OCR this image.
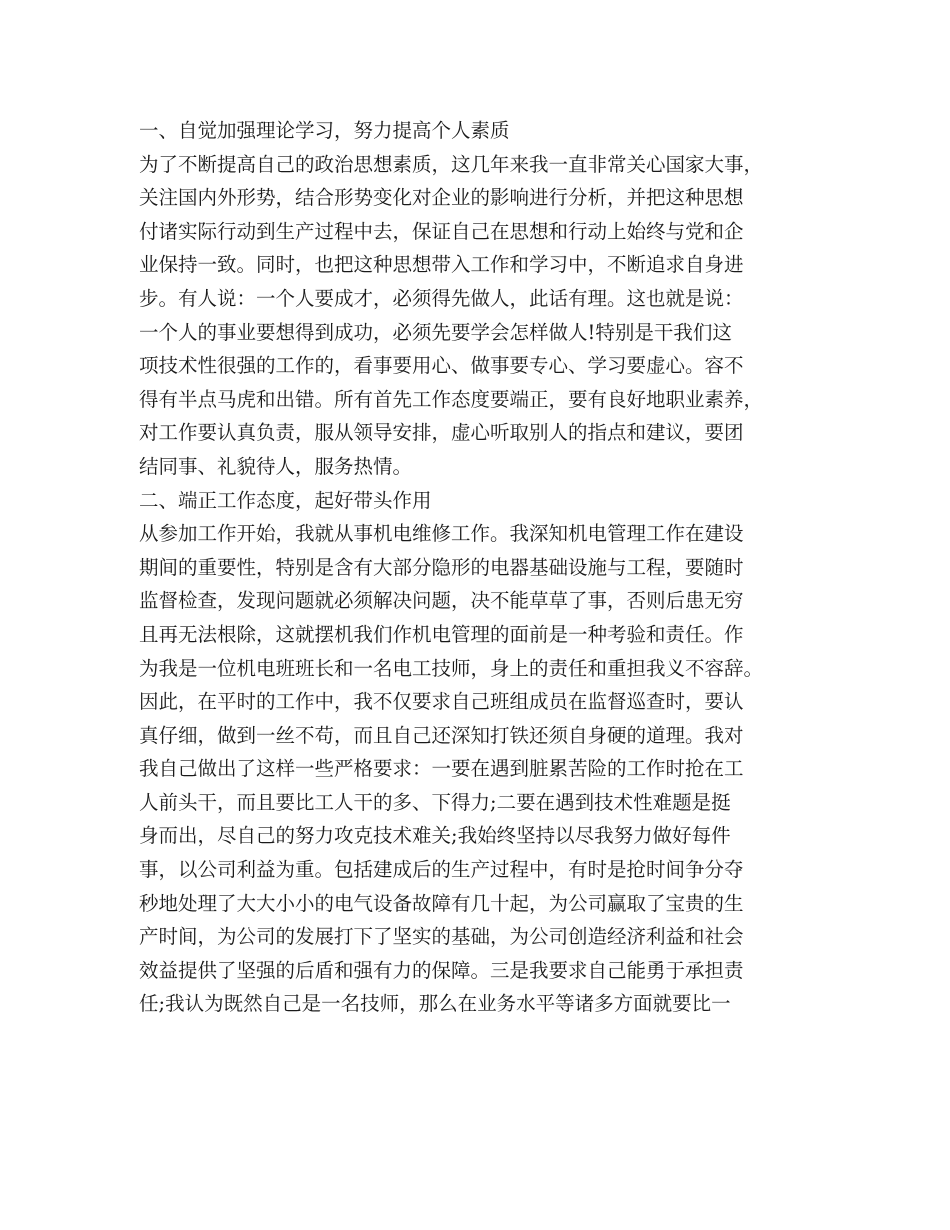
一、自觉加强理论学习，努力提高个人素质
为了不断提高自己的政治思想素质，这几年来我一直非常关心国家大事，
关注国内外形势，结合形势变化对企业的影响进行分析，并把这种思想
付诸实际行动到生产过程中去，保证自己在思想和行动上始终与党和企
业保持一致。同时，也把这种思想带入工作和学习中，不断追求自身进
步。有人说：一个人要成才，必须得先做人，此话有理。这也就是说：
一个人的事业要想得到成功，必须先要学会怎样做人!特别是干我们这
项技术性很强的工作的，看事要用心、做事要专心、学习要虚心。容不
得有半点马虎和出错。所有首先工作态度要端正，要有良好地职业素养，
对工作要认真负责，服从领导安排，虚心听取别人的指点和建议，要团
结同事、礼貌待人，服务热情。
二、端正工作态度，起好带头作用
从参加工作开始，我就从事机电维修工作。我深知机电管理工作在建设
期间的重要性，特别是含有大部分隐形的电器基础设施与工程，要随时
监督检查，发现问题就必须解决问题，决不能草草了事，否则后患无穷
且再无法根除，这就摆机我们作机电管理的面前是一种考验和责任。作
为我是一位机电班班长和一名电工技师，身上的责任和重担我义不容辞。
因此，在平时的工作中，我不仅要求自己班组成员在监督巡查时，要认
真仔细，做到一丝不苟，而且自己还深知打铁还须自身硬的道理。我对
我自己做出了这样一些严格要求：一要在遇到脏累苦险的工作时抢在工
人前头干，而且要比工人干的多、下得力;二要在遇到技术性难题是挺
身而出，尽自己的努力攻克技术难关;我始终坚持以尽我努力做好每件
事，以公司利益为重。包括建成后的生产过程中，有时是抢时间争分夺
秒地处理了大大小小的电气设备故障有几十起，为公司赢取了宝贵的生
产时间，为公司的发展打下了坚实的基础，为公司创造经济利益和社会
效益提供了坚强的后盾和强有力的保障。三是我要求自己能勇于承担责
任;我认为既然自己是一名技师，那么在业务水平等诸多方面就要比一
